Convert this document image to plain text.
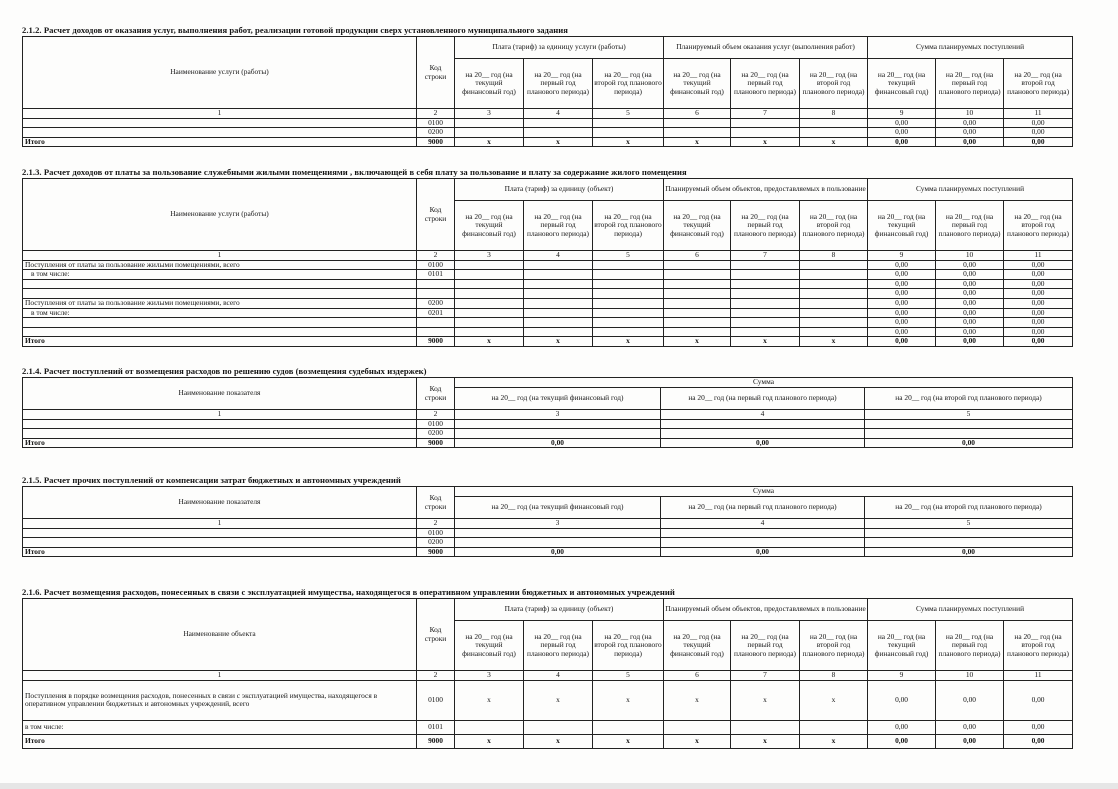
2.1.2. Расчет доходов от оказания услуг, выполнения работ, реализации готовой продукции сверх установленного муниципального задания
Наименование услуги (работы)	Код строки	Плата (тариф) за единицу услуги (работы)			Планируемый объем оказания услуг (выполнения работ)			Сумма планируемых поступлений		
		на 20__ год (на текущий финансовый год)	на 20__ год (на первый год планового периода)	на 20__ год (на второй год планового периода)	на 20__ год (на текущий финансовый год)	на 20__ год (на первый год планового периода)	на 20__ год (на второй год планового периода)	на 20__ год (на текущий финансовый год)	на 20__ год (на первый год планового периода)	на 20__ год (на второй год планового периода)
1	2	3	4	5	6	7	8	9	10	11
	0100							0,00	0,00	0,00
	0200							0,00	0,00	0,00
Итого	9000	x	x	x	x	x	x	0,00	0,00	0,00
2.1.3. Расчет доходов от платы за пользование служебными жилыми помещениями , включающей в себя плату за пользование и плату за содержание жилого помещения
Наименование услуги (работы)	Код строки	Плата (тариф) за единицу (объект)			Планируемый объем объектов, предоставляемых в пользование			Сумма планируемых поступлений		
		на 20__ год (на текущий финансовый год)	на 20__ год (на первый год планового периода)	на 20__ год (на второй год планового периода)	на 20__ год (на текущий финансовый год)	на 20__ год (на первый год планового периода)	на 20__ год (на второй год планового периода)	на 20__ год (на текущий финансовый год)	на 20__ год (на первый год планового периода)	на 20__ год (на второй год планового периода)
1	2	3	4	5	6	7	8	9	10	11
Поступления от платы за пользование жилыми помещениями, всего	0100							0,00	0,00	0,00
в том числе:	0101							0,00	0,00	0,00
								0,00	0,00	0,00
								0,00	0,00	0,00
Поступления от платы за пользование жилыми помещениями, всего	0200							0,00	0,00	0,00
в том числе:	0201							0,00	0,00	0,00
								0,00	0,00	0,00
								0,00	0,00	0,00
Итого	9000	x	x	x	x	x	x	0,00	0,00	0,00
2.1.4. Расчет поступлений от возмещения расходов по решению судов (возмещения судебных издержек)
Наименование показателя	Код строки	Сумма		
		на 20__ год (на текущий финансовый год)	на 20__ год (на первый год планового периода)	на 20__ год (на второй год планового периода)
1	2	3	4	5
	0100			
	0200			
Итого	9000	0,00	0,00	0,00
2.1.5. Расчет прочих поступлений от компенсации затрат бюджетных и автономных учреждений
Наименование показателя	Код строки	Сумма		
		на 20__ год (на текущий финансовый год)	на 20__ год (на первый год планового периода)	на 20__ год (на второй год планового периода)
1	2	3	4	5
	0100			
	0200			
Итого	9000	0,00	0,00	0,00
2.1.6. Расчет возмещения расходов, понесенных в связи с эксплуатацией имущества, находящегося в оперативном управлении бюджетных и автономных учреждений
Наименование объекта	Код строки	Плата (тариф) за единицу (объект)			Планируемый объем объектов, предоставляемых в пользование			Сумма планируемых поступлений		
		на 20__ год (на текущий финансовый год)	на 20__ год (на первый год планового периода)	на 20__ год (на второй год планового периода)	на 20__ год (на текущий финансовый год)	на 20__ год (на первый год планового периода)	на 20__ год (на второй год планового периода)	на 20__ год (на текущий финансовый год)	на 20__ год (на первый год планового периода)	на 20__ год (на второй год планового периода)
1	2	3	4	5	6	7	8	9	10	11
Поступления в порядке возмещения расходов, понесенных в связи с эксплуатацией имущества, находящегося в оперативном управлении бюджетных и автономных учреждений, всего	0100	x	x	x	x	x	x	0,00	0,00	0,00
в том числе:	0101							0,00	0,00	0,00
Итого	9000	x	x	x	x	x	x	0,00	0,00	0,00
